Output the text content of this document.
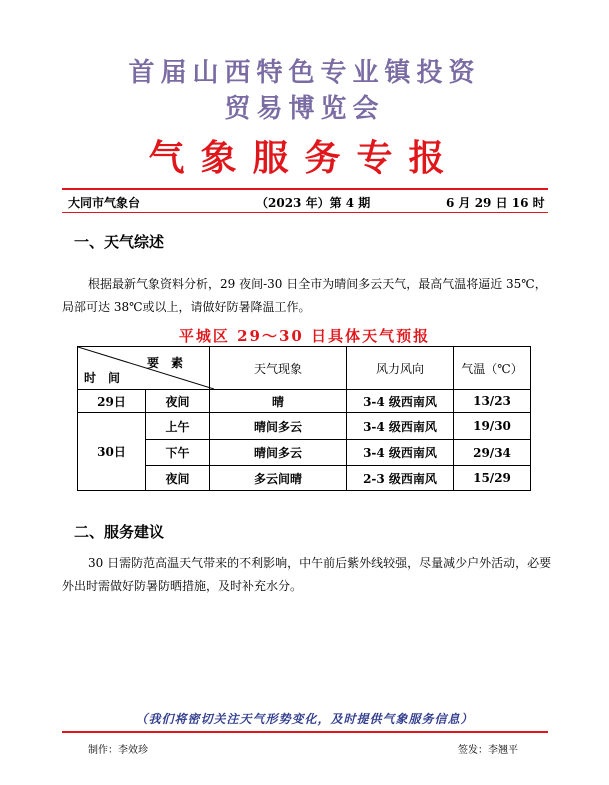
首届山西特色专业镇投资
贸易博览会
气象服务专报
大同市气象台	（2023 年）第 4 期	6 月 29 日 16 时
一、天气综述
根据最新气象资料分析，29 夜间-30 日全市为晴间多云天气，最高气温将逼近 35℃，局部可达 38℃或以上，请做好防暑降温工作。
平城区 29～30 日具体天气预报
要　素
时　间		天气现象	风力风向	气温（℃）
29日	夜间	晴	3-4 级西南风	13/23
30日	上午	晴间多云	3-4 级西南风	19/30
	下午	晴间多云	3-4 级西南风	29/34
	夜间	多云间晴	2-3 级西南风	15/29
二、服务建议
30 日需防范高温天气带来的不利影响，中午前后紫外线较强，尽量减少户外活动，必要外出时需做好防暑防晒措施，及时补充水分。
（我们将密切关注天气形势变化，及时提供气象服务信息）
制作：李效珍	签发：李翘平
